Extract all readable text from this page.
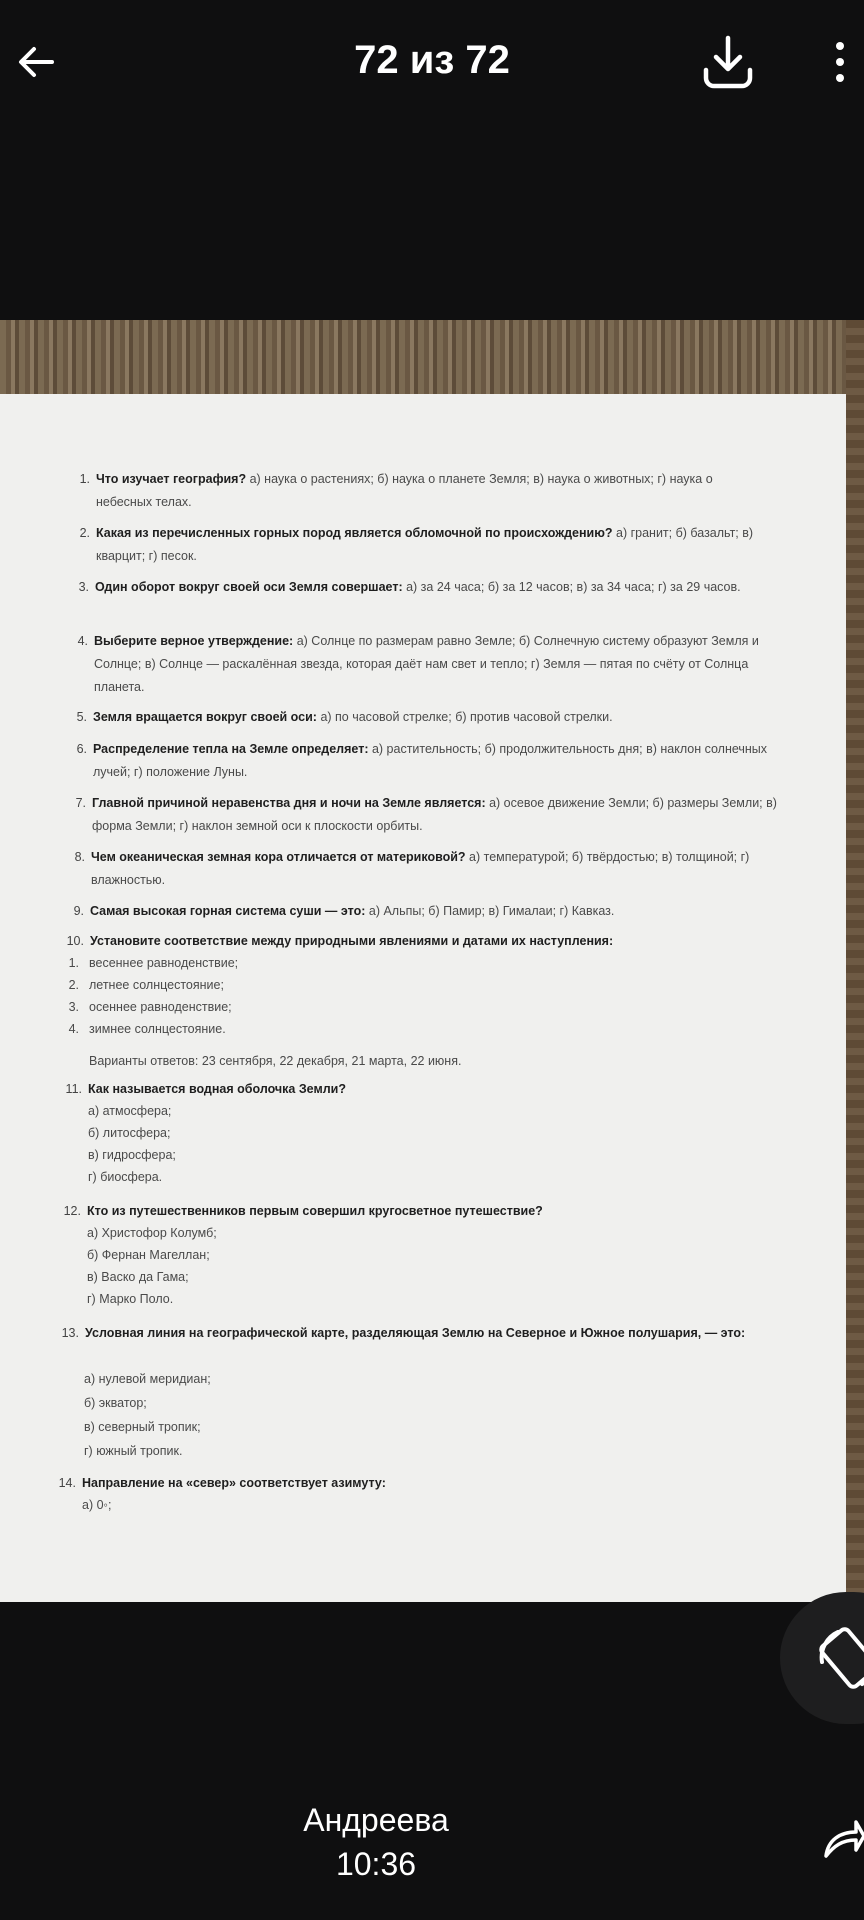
72 из 72
1. Что изучает география? а) наука о растениях; б) наука о планете Земля; в) наука о животных; г) наука о небесных телах.
2. Какая из перечисленных горных пород является обломочной по происхождению? а) гранит; б) базальт; в) кварцит; г) песок.
3. Один оборот вокруг своей оси Земля совершает: а) за 24 часа; б) за 12 часов; в) за 34 часа; г) за 29 часов.
4. Выберите верное утверждение: а) Солнце по размерам равно Земле; б) Солнечную систему образуют Земля и Солнце; в) Солнце — раскалённая звезда, которая даёт нам свет и тепло; г) Земля — пятая по счёту от Солнца планета.
5. Земля вращается вокруг своей оси: а) по часовой стрелке; б) против часовой стрелки.
6. Распределение тепла на Земле определяет: а) растительность; б) продолжительность дня; в) наклон солнечных лучей; г) положение Луны.
7. Главной причиной неравенства дня и ночи на Земле является: а) осевое движение Земли; б) размеры Земли; в) форма Земли; г) наклон земной оси к плоскости орбиты.
8. Чем океаническая земная кора отличается от материковой? а) температурой; б) твёрдостью; в) толщиной; г) влажностью.
9. Самая высокая горная система суши — это: а) Альпы; б) Памир; в) Гималаи; г) Кавказ.
10. Установите соответствие между природными явлениями и датами их наступления:
1. весеннее равноденствие;
2. летнее солнцестояние;
3. осеннее равноденствие;
4. зимнее солнцестояние.
Варианты ответов: 23 сентября, 22 декабря, 21 марта, 22 июня.
11. Как называется водная оболочка Земли?
а) атмосфера;
б) литосфера;
в) гидросфера;
г) биосфера.
12. Кто из путешественников первым совершил кругосветное путешествие?
а) Христофор Колумб;
б) Фернан Магеллан;
в) Васко да Гама;
г) Марко Поло.
13. Условная линия на географической карте, разделяющая Землю на Северное и Южное полушария, — это:
а) нулевой меридиан;
б) экватор;
в) северный тропик;
г) южный тропик.
14. Направление на «север» соответствует азимуту:
а) 0◦;
Андреева
10:36
